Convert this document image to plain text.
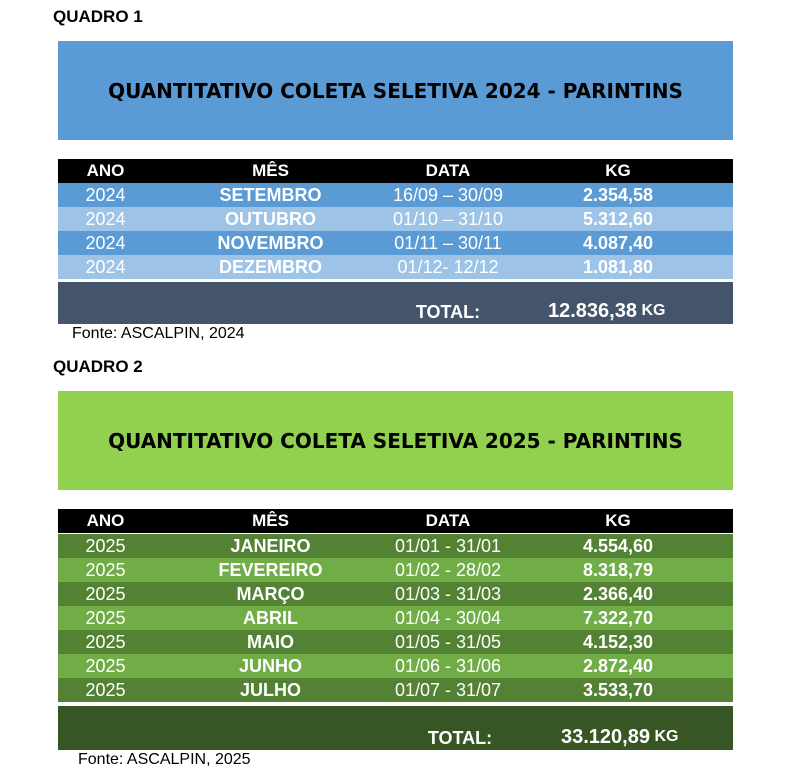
QUADRO 1
QUANTITATIVO COLETA SELETIVA 2024 - PARINTINS
ANO	MÊS	DATA	KG
2024	SETEMBRO	16/09 – 30/09	2.354,58
2024	OUTUBRO	01/10 – 31/10	5.312,60
2024	NOVEMBRO	01/11 – 30/11	4.087,40
2024	DEZEMBRO	01/12- 12/12	1.081,80
TOTAL:	12.836,38
KG
Fonte: ASCALPIN, 2024
QUADRO 2
QUANTITATIVO COLETA SELETIVA 2025 - PARINTINS
ANO	MÊS	DATA	KG
2025	JANEIRO	01/01 - 31/01	4.554,60
2025	FEVEREIRO	01/02 - 28/02	8.318,79
2025	MARÇO	01/03 - 31/03	2.366,40
2025	ABRIL	01/04 - 30/04	7.322,70
2025	MAIO	01/05 - 31/05	4.152,30
2025	JUNHO	01/06 - 31/06	2.872,40
2025	JULHO	01/07 - 31/07	3.533,70
TOTAL:	33.120,89
KG
Fonte: ASCALPIN, 2025
